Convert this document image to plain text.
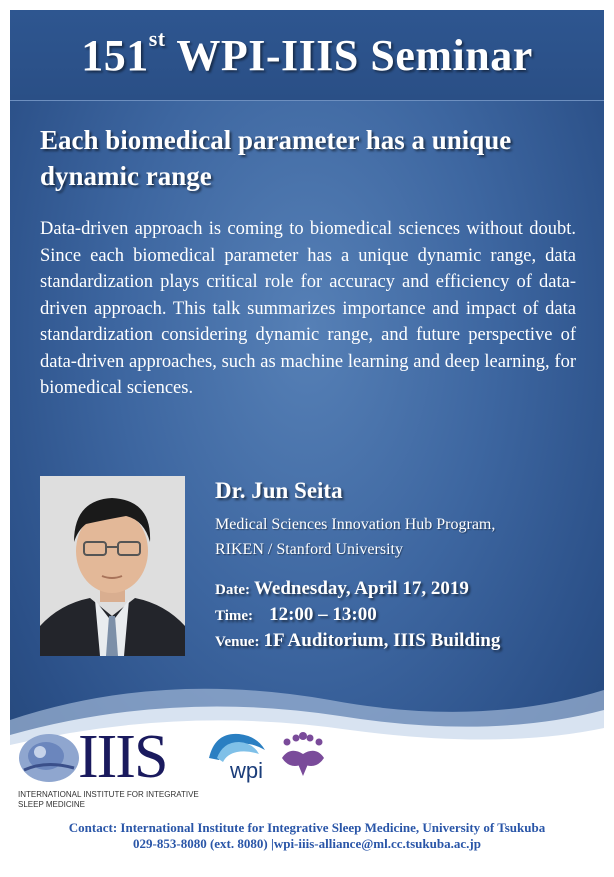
151st WPI-IIIS Seminar
Each biomedical parameter has a unique
dynamic range
Data-driven approach is coming to biomedical sciences without doubt. Since each biomedical parameter has a unique dynamic range, data standardization plays critical role for accuracy and efficiency of data-driven approach. This talk summarizes importance and impact of data standardization considering dynamic range, and future perspective of data-driven approaches, such as machine learning and deep learning, for biomedical sciences.
Dr. Jun Seita
Medical Sciences Innovation Hub Program,
RIKEN / Stanford University
Date: Wednesday, April 17, 2019
Time: 12:00 – 13:00
Venue: 1F Auditorium, IIIS Building
IIIS
INTERNATIONAL INSTITUTE FOR INTEGRATIVE
SLEEP MEDICINE
wpi
Contact: International Institute for Integrative Sleep Medicine, University of Tsukuba
029-853-8080 (ext. 8080) |wpi-iiis-alliance@ml.cc.tsukuba.ac.jp
